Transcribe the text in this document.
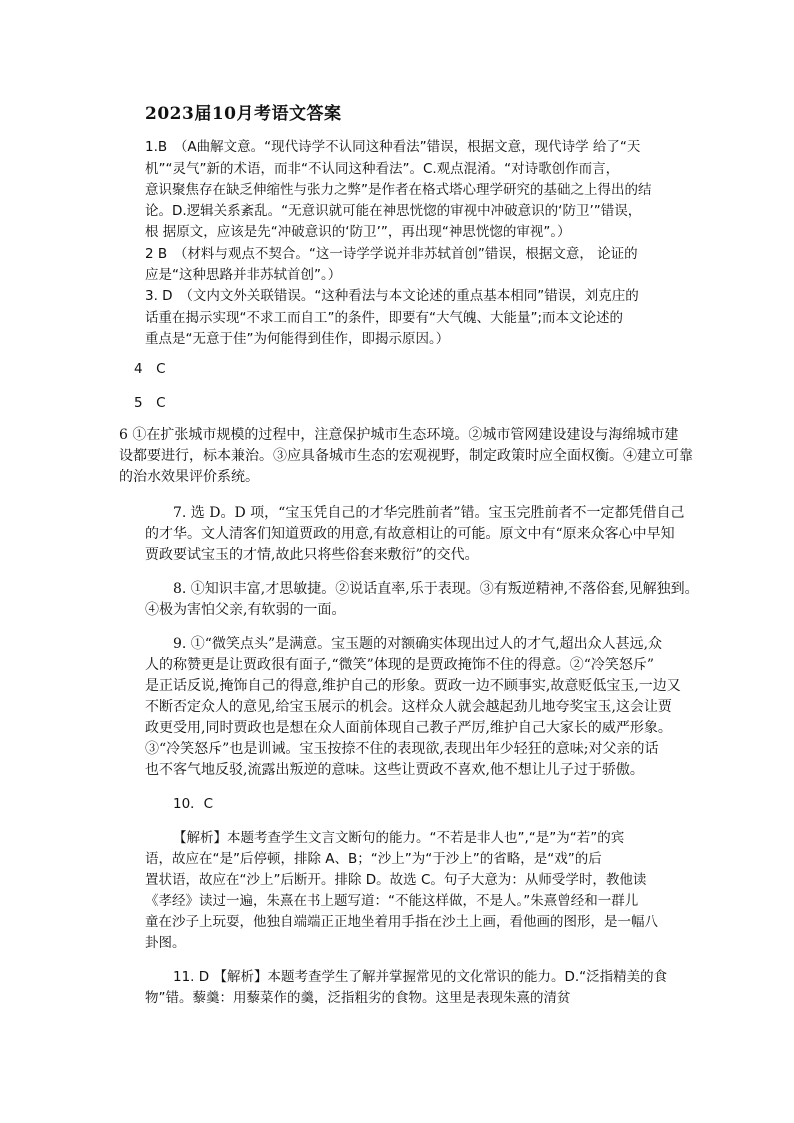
2023届10月考语文答案
1.B　（A曲解文意。“现代诗学不认同这种看法”错误，根据文意，现代诗学 给了“天
机”“灵气”新的术语，而非“不认同这种看法”。C.观点混淆。“对诗歌创作而言，
意识聚焦存在缺乏伸缩性与张力之弊”是作者在格式塔心理学研究的基础之上得出的结
论。D.逻辑关系紊乱。“无意识就可能在神思恍惚的审视中冲破意识的‘防卫’”错误，
根 据原文，应该是先“冲破意识的‘防卫’”，再出现“神思恍惚的审视”。）
2 B　（材料与观点不契合。“这一诗学学说并非苏轼首创”错误，根据文意， 论证的
应是“这种思路并非苏轼首创”。）
3. D　（文内文外关联错误。“这种看法与本文论述的重点基本相同”错误，刘克庄的
话重在揭示实现“不求工而自工”的条件，即要有“大气魄、大能量”;而本文论述的
重点是“无意于佳”为何能得到佳作，即揭示原因。）
4　C
5　C
6 ①在扩张城市规模的过程中，注意保护城市生态环境。②城市管网建设建设与海绵城市建
设都要进行，标本兼治。③应具备城市生态的宏观视野，制定政策时应全面权衡。④建立可靠
的治水效果评价系统。
7. 选 D。D 项，“宝玉凭自己的才华完胜前者”错。宝玉完胜前者不一定都凭借自己
的才华。文人清客们知道贾政的用意,有故意相让的可能。原文中有“原来众客心中早知
贾政要试宝玉的才情,故此只将些俗套来敷衍”的交代。
8. ①知识丰富,才思敏捷。②说话直率,乐于表现。③有叛逆精神,不落俗套,见解独到。
④极为害怕父亲,有软弱的一面。
9. ①“微笑点头”是满意。宝玉题的对额确实体现出过人的才气,超出众人甚远,众
人的称赞更是让贾政很有面子,“微笑”体现的是贾政掩饰不住的得意。②“冷笑怒斥”
是正话反说,掩饰自己的得意,维护自己的形象。贾政一边不顾事实,故意贬低宝玉,一边又
不断否定众人的意见,给宝玉展示的机会。这样众人就会越起劲儿地夸奖宝玉,这会让贾
政更受用,同时贾政也是想在众人面前体现自己教子严厉,维护自己大家长的威严形象。
③“冷笑怒斥”也是训诫。宝玉按捺不住的表现欲,表现出年少轻狂的意味;对父亲的话
也不客气地反驳,流露出叛逆的意味。这些让贾政不喜欢,他不想让儿子过于骄傲。
10．C
【解析】本题考查学生文言文断句的能力。“不若是非人也”,“是”为“若”的宾
语，故应在“是”后停顿，排除 A、B；“沙上”为“于沙上”的省略，是“戏”的后
置状语，故应在“沙上”后断开。排除 D。故选 C。句子大意为：从师受学时，教他读
《孝经》读过一遍，朱熹在书上题写道：“不能这样做，不是人。”朱熹曾经和一群儿
童在沙子上玩耍，他独自端端正正地坐着用手指在沙土上画，看他画的图形，是一幅八
卦图。
11. D 【解析】本题考查学生了解并掌握常见的文化常识的能力。D.“泛指精美的食
物”错。藜羹：用藜菜作的羹，泛指粗劣的食物。这里是表现朱熹的清贫
